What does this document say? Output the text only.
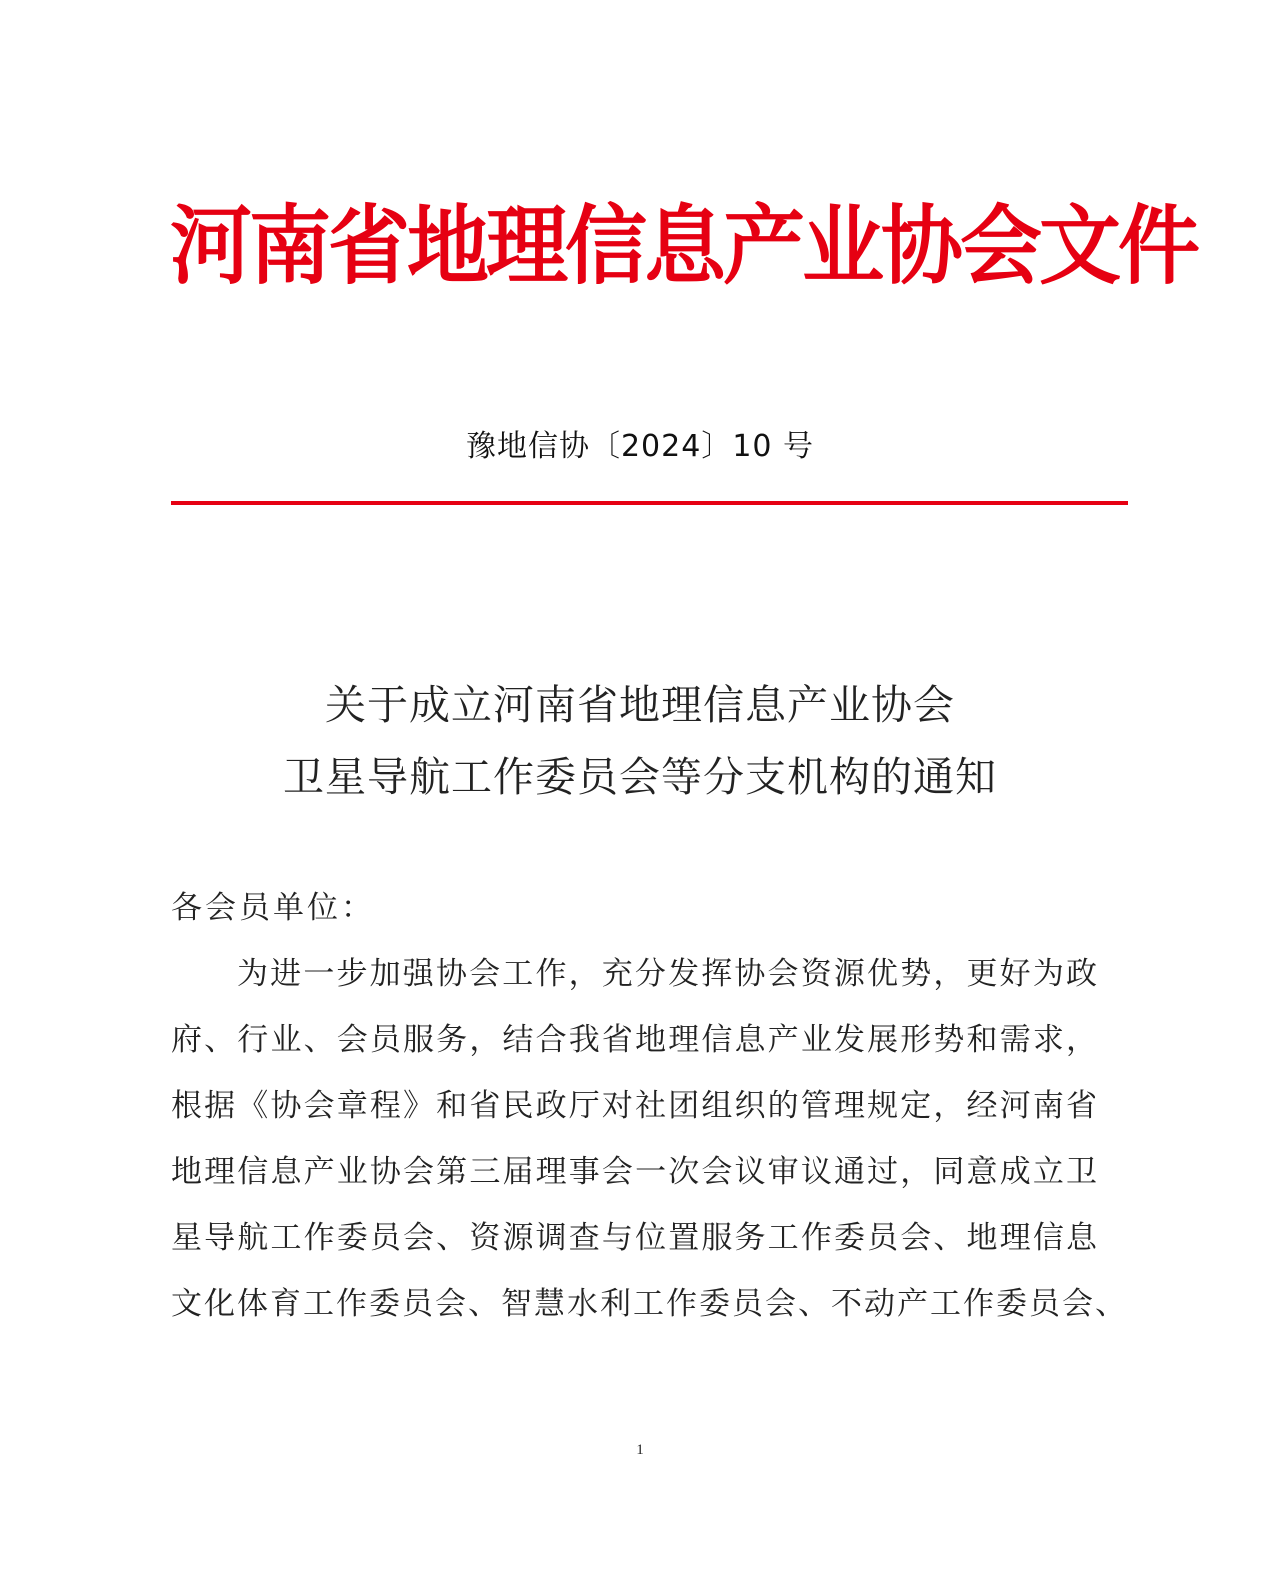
河南省地理信息产业协会文件
豫地信协〔2024〕10 号
关于成立河南省地理信息产业协会
卫星导航工作委员会等分支机构的通知
各会员单位：
为进一步加强协会工作，充分发挥协会资源优势，更好为政
府、行业、会员服务，结合我省地理信息产业发展形势和需求，
根据《协会章程》和省民政厅对社团组织的管理规定，经河南省
地理信息产业协会第三届理事会一次会议审议通过，同意成立卫
星导航工作委员会、资源调查与位置服务工作委员会、地理信息
文化体育工作委员会、智慧水利工作委员会、不动产工作委员会、
1
